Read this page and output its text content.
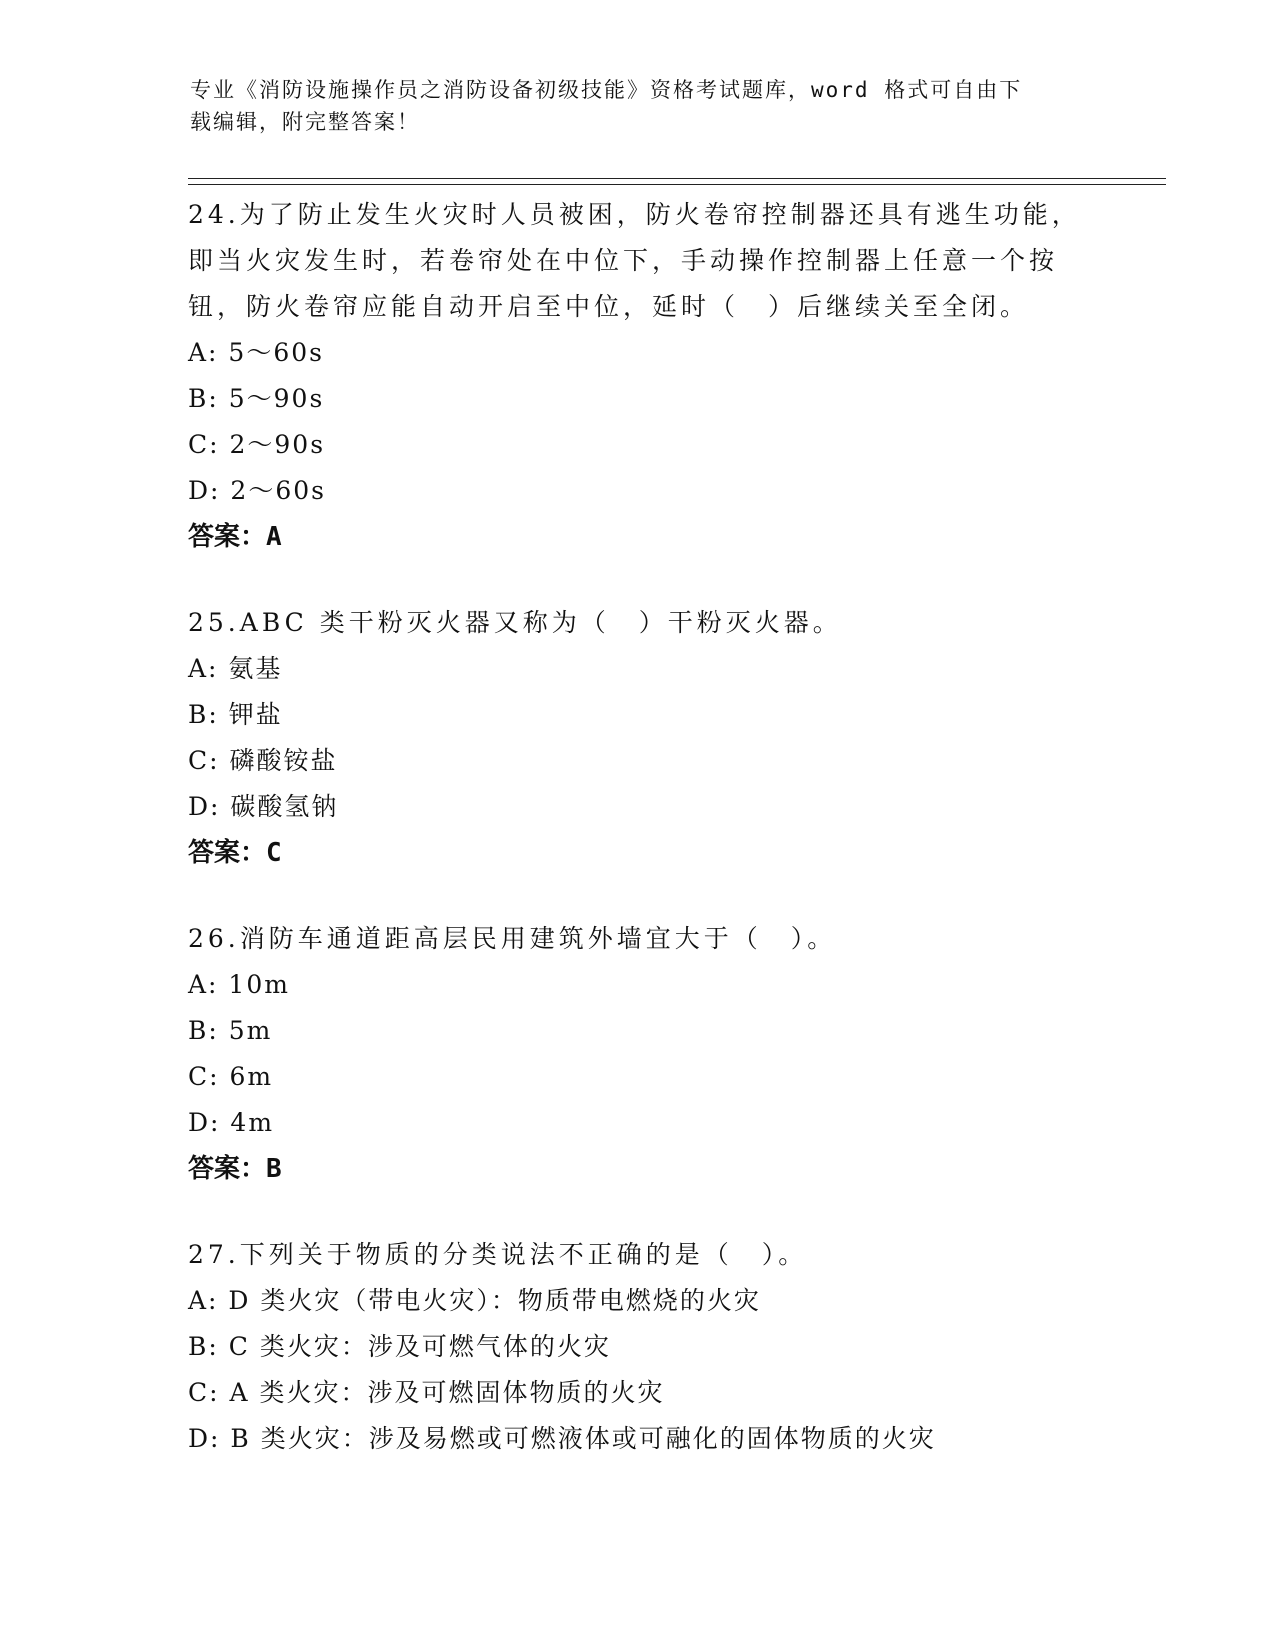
专业《消防设施操作员之消防设备初级技能》资格考试题库，word 格式可自由下
载编辑，附完整答案！

24.为了防止发生火灾时人员被困，防火卷帘控制器还具有逃生功能，

即当火灾发生时，若卷帘处在中位下，手动操作控制器上任意一个按

钮，防火卷帘应能自动开启至中位，延时（　）后继续关至全闭。

A: 5～60s

B: 5～90s

C: 2～90s

D: 2～60s

答案：A

25.ABC 类干粉灭火器又称为（　）干粉灭火器。

A: 氨基

B: 钾盐

C: 磷酸铵盐

D: 碳酸氢钠

答案：C

26.消防车通道距高层民用建筑外墙宜大于（　）。

A: 10m

B: 5m

C: 6m

D: 4m

答案：B

27.下列关于物质的分类说法不正确的是（　）。

A: D 类火灾（带电火灾）：物质带电燃烧的火灾

B: C 类火灾：涉及可燃气体的火灾

C: A 类火灾：涉及可燃固体物质的火灾

D: B 类火灾：涉及易燃或可燃液体或可融化的固体物质的火灾
